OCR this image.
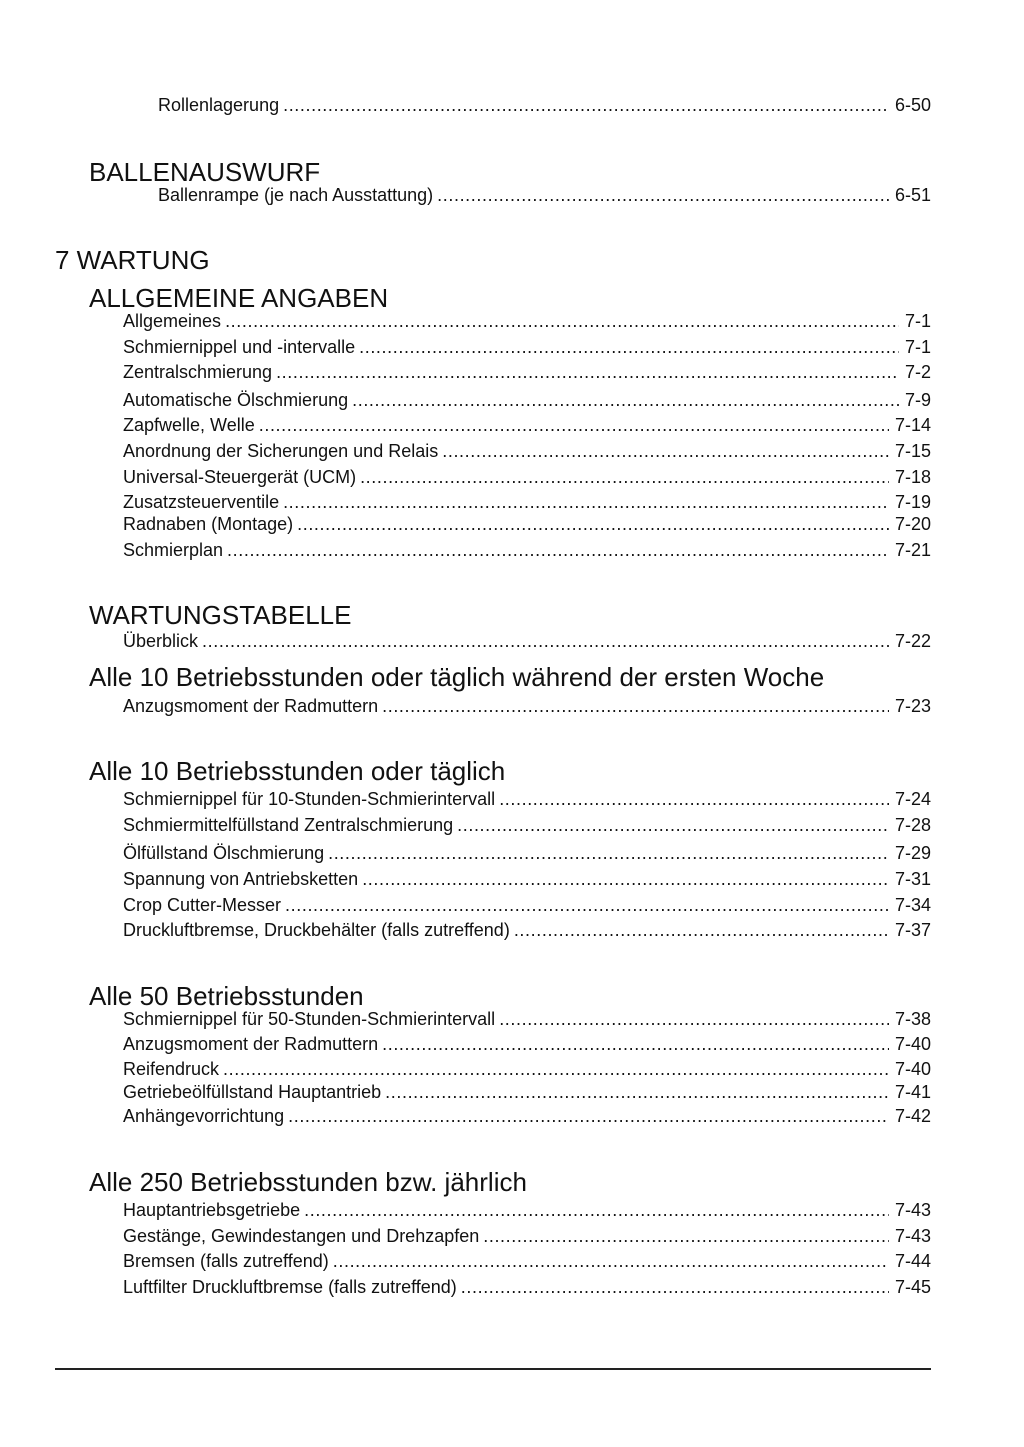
Rollenlagerung . . .	6-50
BALLENAUSWURF
Ballenrampe (je nach Ausstattung) . . .	6-51
7 WARTUNG
ALLGEMEINE ANGABEN
Allgemeines . . .	7-1
Schmiernippel und -intervalle . . .	7-1
Zentralschmierung . . .	7-2
Automatische Ölschmierung . . .	7-9
Zapfwelle, Welle . . .	7-14
Anordnung der Sicherungen und Relais . . .	7-15
Universal-Steuergerät (UCM) . . .	7-18
Zusatzsteuerventile . . .	7-19
Radnaben (Montage) . . .	7-20
Schmierplan . . .	7-21
WARTUNGSTABELLE
Überblick . . .	7-22
Alle 10 Betriebsstunden oder täglich während der ersten Woche
Anzugsmoment der Radmuttern . . .	7-23
Alle 10 Betriebsstunden oder täglich
Schmiernippel für 10-Stunden-Schmierintervall . . .	7-24
Schmiermittelfüllstand Zentralschmierung . . .	7-28
Ölfüllstand Ölschmierung . . .	7-29
Spannung von Antriebsketten . . .	7-31
Crop Cutter-Messer . . .	7-34
Druckluftbremse, Druckbehälter (falls zutreffend) . . .	7-37
Alle 50 Betriebsstunden
Schmiernippel für 50-Stunden-Schmierintervall . . .	7-38
Anzugsmoment der Radmuttern . . .	7-40
Reifendruck . . .	7-40
Getriebeölfüllstand Hauptantrieb . . .	7-41
Anhängevorrichtung . . .	7-42
Alle 250 Betriebsstunden bzw. jährlich
Hauptantriebsgetriebe . . .	7-43
Gestänge, Gewindestangen und Drehzapfen . . .	7-43
Bremsen (falls zutreffend) . . .	7-44
Luftfilter Druckluftbremse (falls zutreffend) . . .	7-45
